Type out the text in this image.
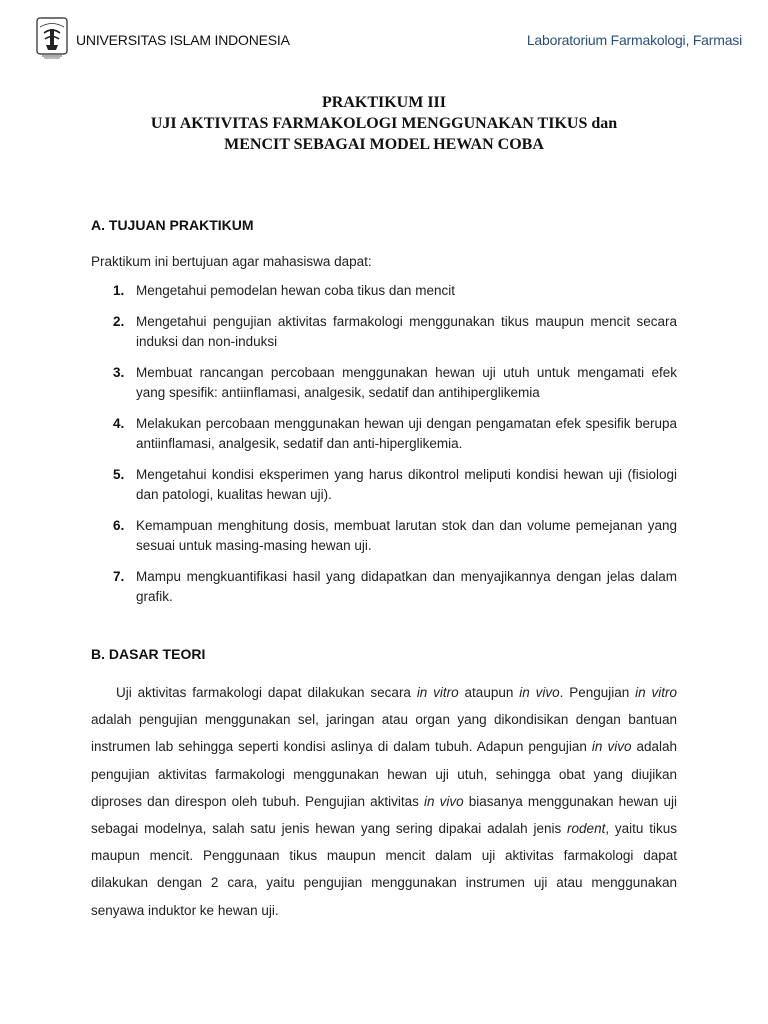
UNIVERSITAS ISLAM INDONESIA	Laboratorium Farmakologi, Farmasi
PRAKTIKUM III
UJI AKTIVITAS FARMAKOLOGI MENGGUNAKAN TIKUS dan
MENCIT SEBAGAI MODEL HEWAN COBA
A. TUJUAN PRAKTIKUM
Praktikum ini bertujuan agar mahasiswa dapat:
1. Mengetahui pemodelan hewan coba tikus dan mencit
2. Mengetahui pengujian aktivitas farmakologi menggunakan tikus maupun mencit secara induksi dan non-induksi
3. Membuat rancangan percobaan menggunakan hewan uji utuh untuk mengamati efek yang spesifik: antiinflamasi, analgesik, sedatif dan antihiperglikemia
4. Melakukan percobaan menggunakan hewan uji dengan pengamatan efek spesifik berupa antiinflamasi, analgesik, sedatif dan anti-hiperglikemia.
5. Mengetahui kondisi eksperimen yang harus dikontrol meliputi kondisi hewan uji (fisiologi dan patologi, kualitas hewan uji).
6. Kemampuan menghitung dosis, membuat larutan stok dan dan volume pemejanan yang sesuai untuk masing-masing hewan uji.
7. Mampu mengkuantifikasi hasil yang didapatkan dan menyajikannya dengan jelas dalam grafik.
B. DASAR TEORI

Uji aktivitas farmakologi dapat dilakukan secara in vitro ataupun in vivo. Pengujian in vitro adalah pengujian menggunakan sel, jaringan atau organ yang dikondisikan dengan bantuan instrumen lab sehingga seperti kondisi aslinya di dalam tubuh. Adapun pengujian in vivo adalah pengujian aktivitas farmakologi menggunakan hewan uji utuh, sehingga obat yang diujikan diproses dan direspon oleh tubuh. Pengujian aktivitas in vivo biasanya menggunakan hewan uji sebagai modelnya, salah satu jenis hewan yang sering dipakai adalah jenis rodent, yaitu tikus maupun mencit. Penggunaan tikus maupun mencit dalam uji aktivitas farmakologi dapat dilakukan dengan 2 cara, yaitu pengujian menggunakan instrumen uji atau menggunakan senyawa induktor ke hewan uji.
